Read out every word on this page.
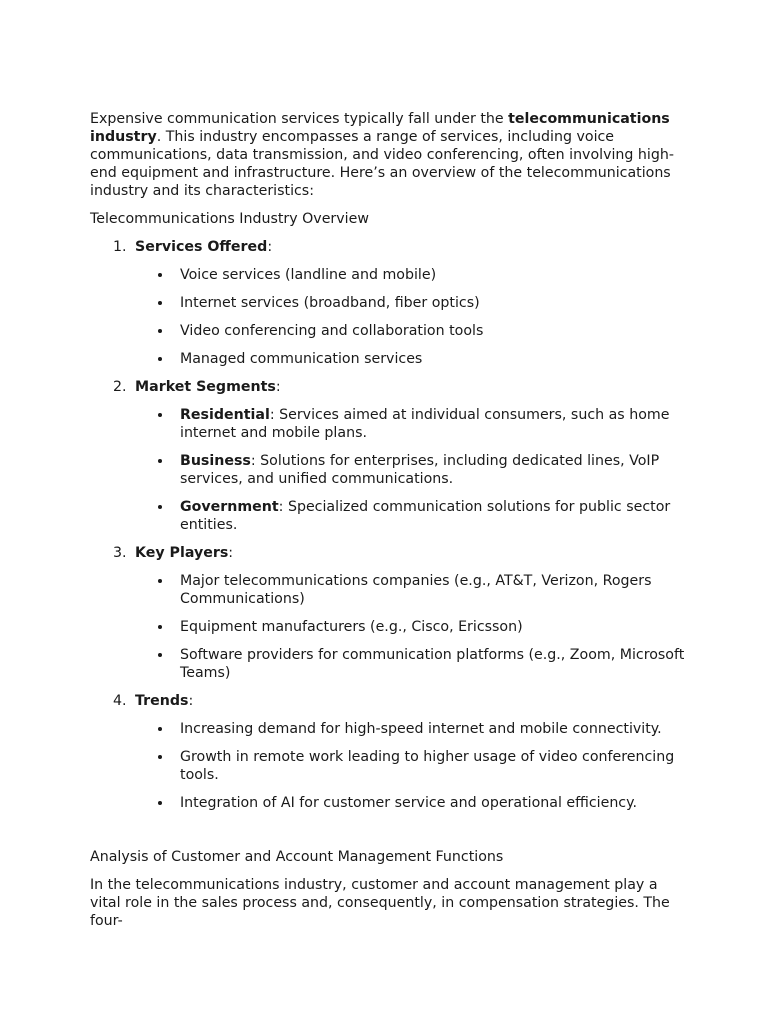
Expensive communication services typically fall under the telecommunications industry. This industry encompasses a range of services, including voice communications, data transmission, and video conferencing, often involving high-end equipment and infrastructure. Here’s an overview of the telecommunications industry and its characteristics:

Telecommunications Industry Overview

1. Services Offered:
Voice services (landline and mobile)
Internet services (broadband, fiber optics)
Video conferencing and collaboration tools
Managed communication services
2. Market Segments:
Residential: Services aimed at individual consumers, such as home internet and mobile plans.
Business: Solutions for enterprises, including dedicated lines, VoIP services, and unified communications.
Government: Specialized communication solutions for public sector entities.
3. Key Players:
Major telecommunications companies (e.g., AT&T, Verizon, Rogers Communications)
Equipment manufacturers (e.g., Cisco, Ericsson)
Software providers for communication platforms (e.g., Zoom, Microsoft Teams)
4. Trends:
Increasing demand for high-speed internet and mobile connectivity.
Growth in remote work leading to higher usage of video conferencing tools.
Integration of AI for customer service and operational efficiency.

Analysis of Customer and Account Management Functions

In the telecommunications industry, customer and account management play a vital role in the sales process and, consequently, in compensation strategies. The four-
